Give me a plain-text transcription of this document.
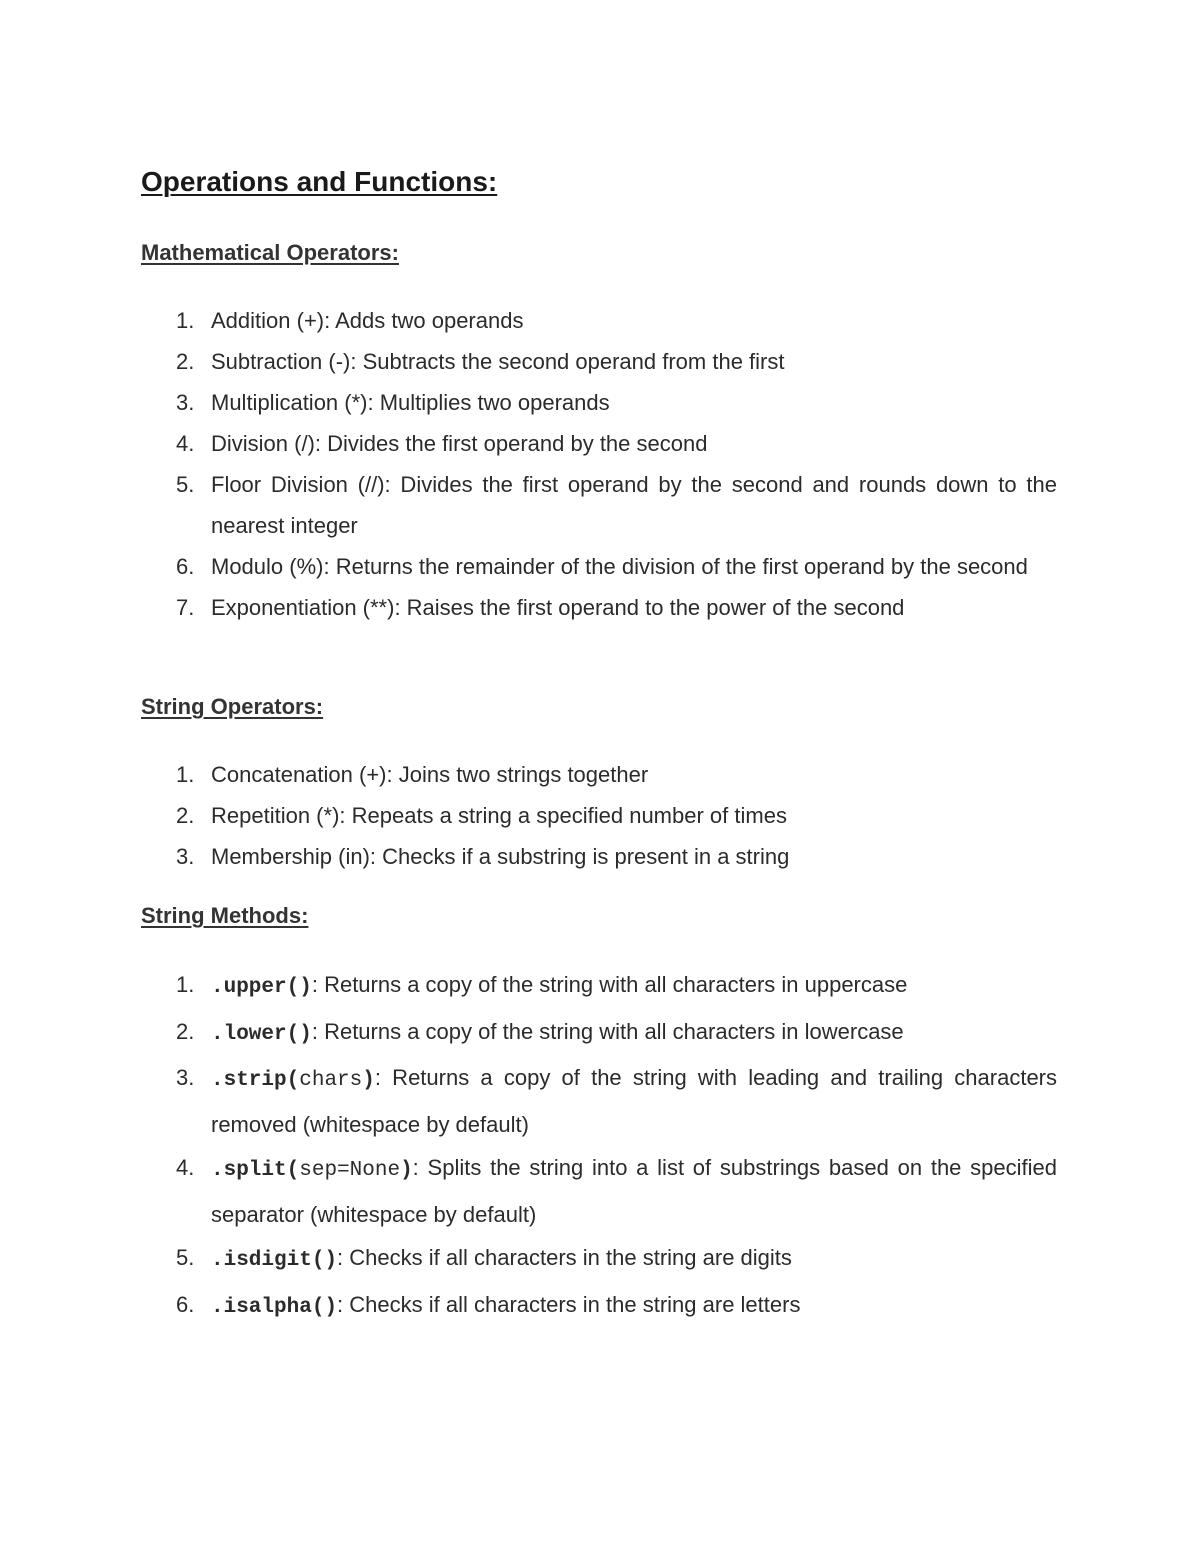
Operations and Functions:
Mathematical Operators:
1. Addition (+): Adds two operands
2. Subtraction (-): Subtracts the second operand from the first
3. Multiplication (*): Multiplies two operands
4. Division (/): Divides the first operand by the second
5. Floor Division (//): Divides the first operand by the second and rounds down to the nearest integer
6. Modulo (%): Returns the remainder of the division of the first operand by the second
7. Exponentiation (**): Raises the first operand to the power of the second
String Operators:
1. Concatenation (+): Joins two strings together
2. Repetition (*): Repeats a string a specified number of times
3. Membership (in): Checks if a substring is present in a string
String Methods:
1. .upper(): Returns a copy of the string with all characters in uppercase
2. .lower(): Returns a copy of the string with all characters in lowercase
3. .strip(chars): Returns a copy of the string with leading and trailing characters removed (whitespace by default)
4. .split(sep=None): Splits the string into a list of substrings based on the specified separator (whitespace by default)
5. .isdigit(): Checks if all characters in the string are digits
6. .isalpha(): Checks if all characters in the string are letters
